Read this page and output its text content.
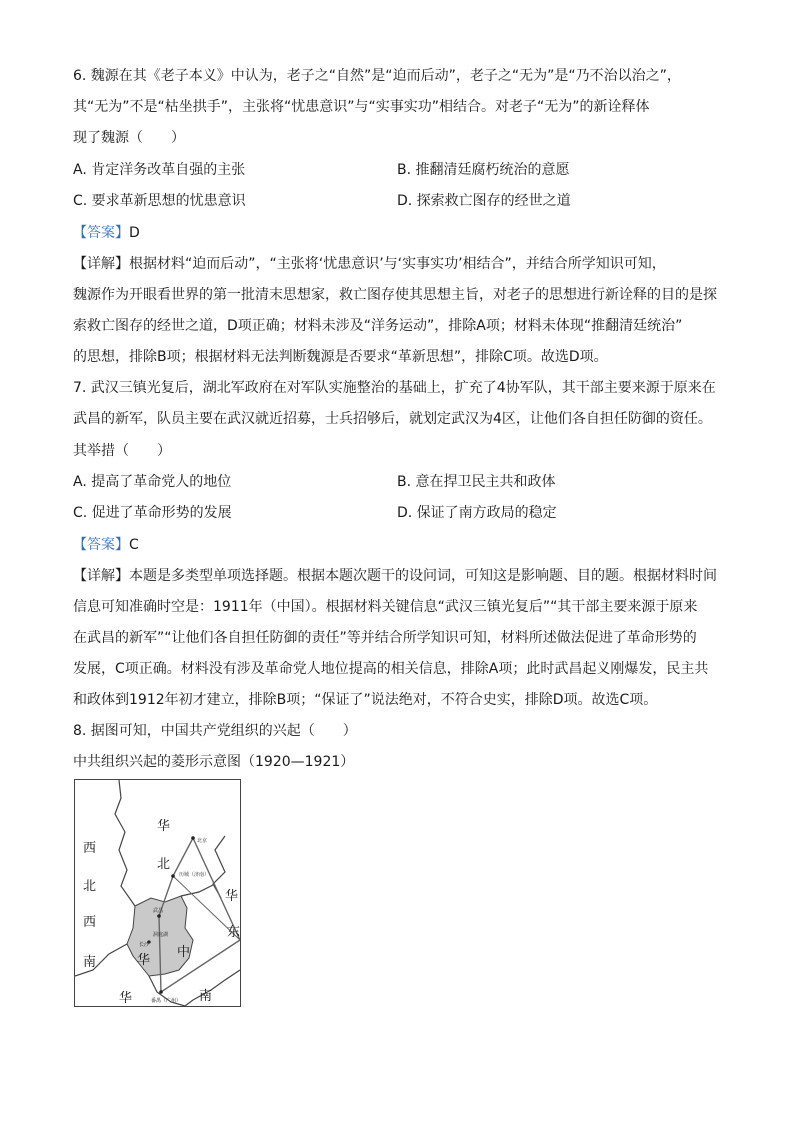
6. 魏源在其《老子本义》中认为，老子之“自然”是“迫而后动”，老子之“无为”是“乃不治以治之”，
其“无为”不是“枯坐拱手”，主张将“忧患意识”与“实事实功”相结合。对老子“无为”的新诠释体
现了魏源（　　）
A. 肯定洋务改革自强的主张	B. 推翻清廷腐朽统治的意愿
C. 要求革新思想的忧患意识	D. 探索救亡图存的经世之道
【答案】D
【详解】根据材料“迫而后动”，“主张将‘忧患意识’与‘实事实功’相结合”，并结合所学知识可知，
魏源作为开眼看世界的第一批清末思想家，救亡图存使其思想主旨，对老子的思想进行新诠释的目的是探
索救亡图存的经世之道，D项正确；材料未涉及“洋务运动”，排除A项；材料未体现“推翻清廷统治”
的思想，排除B项；根据材料无法判断魏源是否要求“革新思想”，排除C项。故选D项。
7. 武汉三镇光复后，湖北军政府在对军队实施整治的基础上，扩充了4协军队，其干部主要来源于原来在
武昌的新军，队员主要在武汉就近招募，士兵招够后，就划定武汉为4区，让他们各自担任防御的资任。
其举措（　　）
A. 提高了革命党人的地位	B. 意在捍卫民主共和政体
C. 促进了革命形势的发展	D. 保证了南方政局的稳定
【答案】C
【详解】本题是多类型单项选择题。根据本题次题干的设问词，可知这是影响题、目的题。根据材料时间
信息可知准确时空是：1911年（中国）。根据材料关键信息“武汉三镇光复后”“其干部主要来源于原来
在武昌的新军”“让他们各自担任防御的责任”等并结合所学知识可知，材料所述做法促进了革命形势的
发展，C项正确。材料没有涉及革命党人地位提高的相关信息，排除A项；此时武昌起义刚爆发，民主共
和政体到1912年初才建立，排除B项；“保证了”说法绝对，不符合史实，排除D项。故选C项。
8. 据图可知，中国共产党组织的兴起（　　）
中共组织兴起的菱形示意图（1920—1921）
北京
历城（济南）
武昌
洞庭湖
长沙
番禺（广州）
华
北
华
东
西
北
西
南	华
中
华	南
